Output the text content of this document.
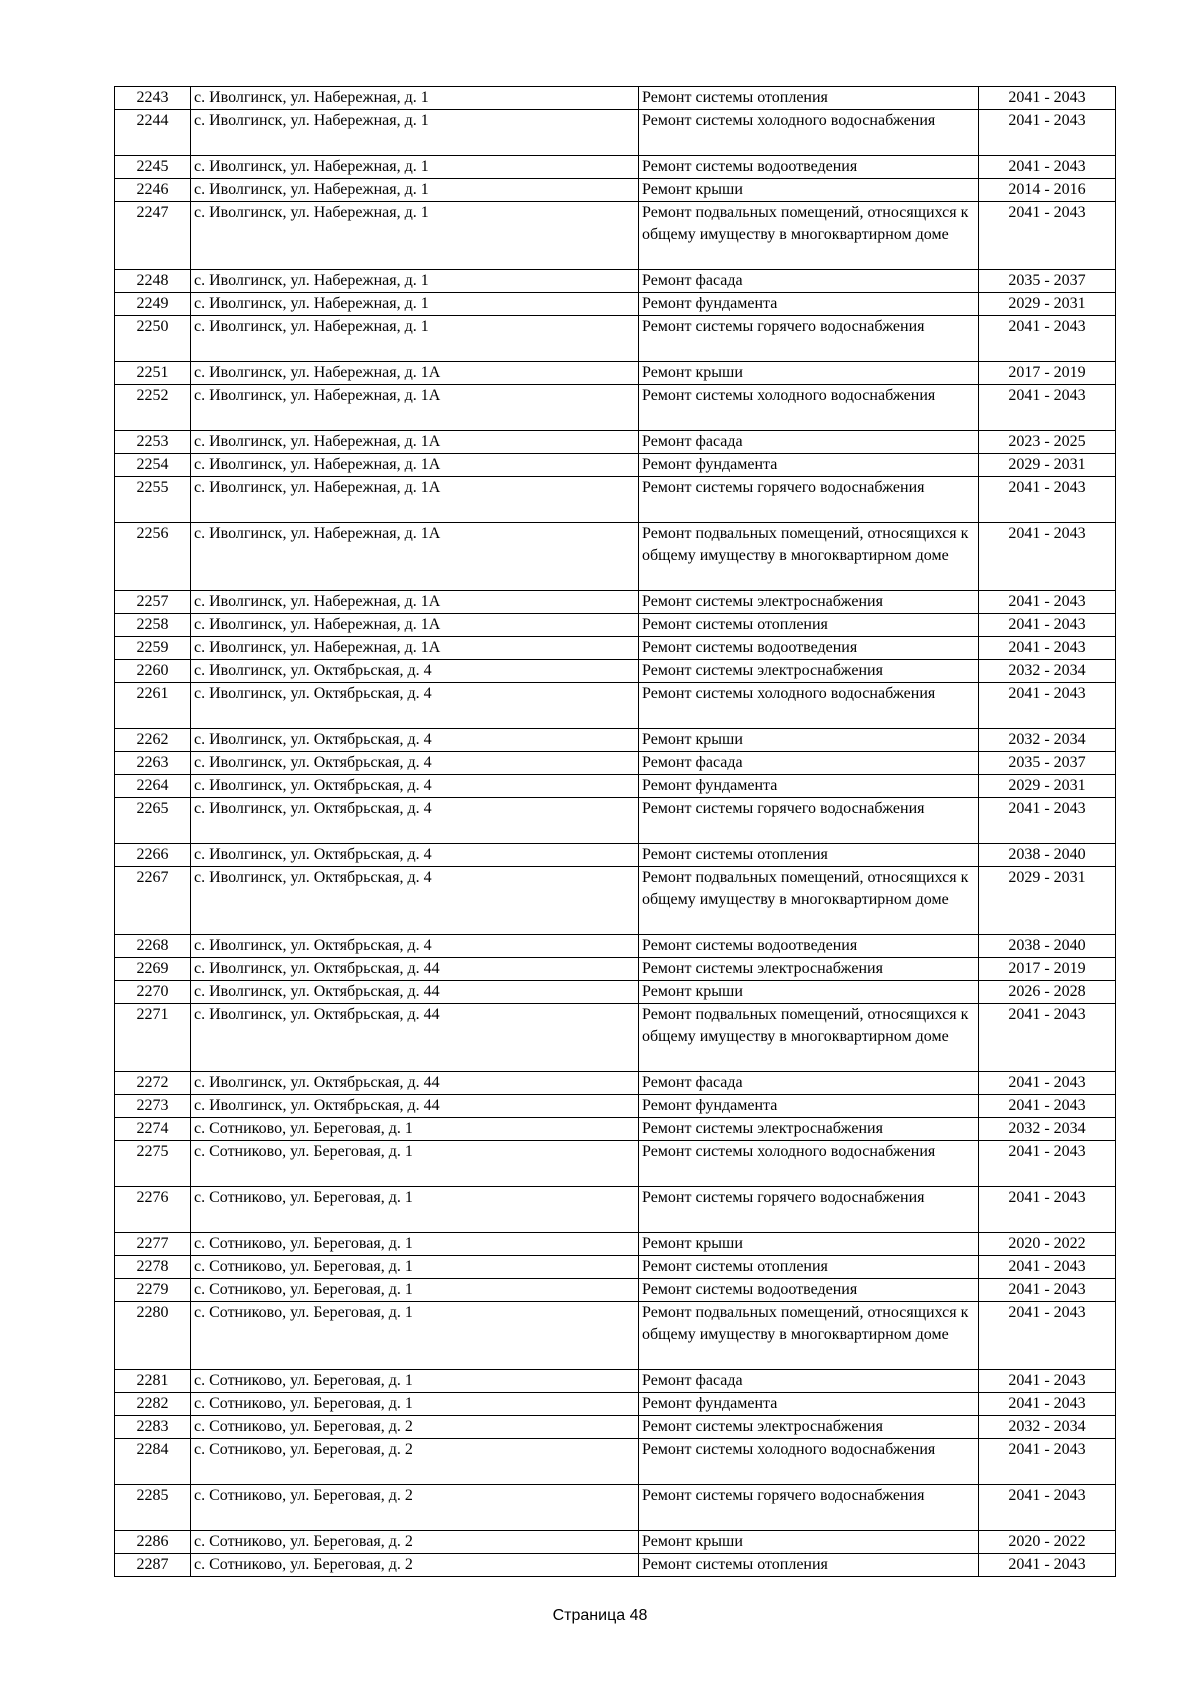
2243	с. Иволгинск, ул. Набережная, д. 1	Ремонт системы отопления	2041 - 2043
2244	с. Иволгинск, ул. Набережная, д. 1	Ремонт системы холодного водоснабжения	2041 - 2043
2245	с. Иволгинск, ул. Набережная, д. 1	Ремонт системы водоотведения	2041 - 2043
2246	с. Иволгинск, ул. Набережная, д. 1	Ремонт крыши	2014 - 2016
2247	с. Иволгинск, ул. Набережная, д. 1	Ремонт подвальных помещений, относящихся к общему имуществу в многоквартирном доме	2041 - 2043
2248	с. Иволгинск, ул. Набережная, д. 1	Ремонт фасада	2035 - 2037
2249	с. Иволгинск, ул. Набережная, д. 1	Ремонт фундамента	2029 - 2031
2250	с. Иволгинск, ул. Набережная, д. 1	Ремонт системы горячего водоснабжения	2041 - 2043
2251	с. Иволгинск, ул. Набережная, д. 1А	Ремонт крыши	2017 - 2019
2252	с. Иволгинск, ул. Набережная, д. 1А	Ремонт системы холодного водоснабжения	2041 - 2043
2253	с. Иволгинск, ул. Набережная, д. 1А	Ремонт фасада	2023 - 2025
2254	с. Иволгинск, ул. Набережная, д. 1А	Ремонт фундамента	2029 - 2031
2255	с. Иволгинск, ул. Набережная, д. 1А	Ремонт системы горячего водоснабжения	2041 - 2043
2256	с. Иволгинск, ул. Набережная, д. 1А	Ремонт подвальных помещений, относящихся к общему имуществу в многоквартирном доме	2041 - 2043
2257	с. Иволгинск, ул. Набережная, д. 1А	Ремонт системы электроснабжения	2041 - 2043
2258	с. Иволгинск, ул. Набережная, д. 1А	Ремонт системы отопления	2041 - 2043
2259	с. Иволгинск, ул. Набережная, д. 1А	Ремонт системы водоотведения	2041 - 2043
2260	с. Иволгинск, ул. Октябрьская, д. 4	Ремонт системы электроснабжения	2032 - 2034
2261	с. Иволгинск, ул. Октябрьская, д. 4	Ремонт системы холодного водоснабжения	2041 - 2043
2262	с. Иволгинск, ул. Октябрьская, д. 4	Ремонт крыши	2032 - 2034
2263	с. Иволгинск, ул. Октябрьская, д. 4	Ремонт фасада	2035 - 2037
2264	с. Иволгинск, ул. Октябрьская, д. 4	Ремонт фундамента	2029 - 2031
2265	с. Иволгинск, ул. Октябрьская, д. 4	Ремонт системы горячего водоснабжения	2041 - 2043
2266	с. Иволгинск, ул. Октябрьская, д. 4	Ремонт системы отопления	2038 - 2040
2267	с. Иволгинск, ул. Октябрьская, д. 4	Ремонт подвальных помещений, относящихся к общему имуществу в многоквартирном доме	2029 - 2031
2268	с. Иволгинск, ул. Октябрьская, д. 4	Ремонт системы водоотведения	2038 - 2040
2269	с. Иволгинск, ул. Октябрьская, д. 44	Ремонт системы электроснабжения	2017 - 2019
2270	с. Иволгинск, ул. Октябрьская, д. 44	Ремонт крыши	2026 - 2028
2271	с. Иволгинск, ул. Октябрьская, д. 44	Ремонт подвальных помещений, относящихся к общему имуществу в многоквартирном доме	2041 - 2043
2272	с. Иволгинск, ул. Октябрьская, д. 44	Ремонт фасада	2041 - 2043
2273	с. Иволгинск, ул. Октябрьская, д. 44	Ремонт фундамента	2041 - 2043
2274	с. Сотниково, ул. Береговая, д. 1	Ремонт системы электроснабжения	2032 - 2034
2275	с. Сотниково, ул. Береговая, д. 1	Ремонт системы холодного водоснабжения	2041 - 2043
2276	с. Сотниково, ул. Береговая, д. 1	Ремонт системы горячего водоснабжения	2041 - 2043
2277	с. Сотниково, ул. Береговая, д. 1	Ремонт крыши	2020 - 2022
2278	с. Сотниково, ул. Береговая, д. 1	Ремонт системы отопления	2041 - 2043
2279	с. Сотниково, ул. Береговая, д. 1	Ремонт системы водоотведения	2041 - 2043
2280	с. Сотниково, ул. Береговая, д. 1	Ремонт подвальных помещений, относящихся к общему имуществу в многоквартирном доме	2041 - 2043
2281	с. Сотниково, ул. Береговая, д. 1	Ремонт фасада	2041 - 2043
2282	с. Сотниково, ул. Береговая, д. 1	Ремонт фундамента	2041 - 2043
2283	с. Сотниково, ул. Береговая, д. 2	Ремонт системы электроснабжения	2032 - 2034
2284	с. Сотниково, ул. Береговая, д. 2	Ремонт системы холодного водоснабжения	2041 - 2043
2285	с. Сотниково, ул. Береговая, д. 2	Ремонт системы горячего водоснабжения	2041 - 2043
2286	с. Сотниково, ул. Береговая, д. 2	Ремонт крыши	2020 - 2022
2287	с. Сотниково, ул. Береговая, д. 2	Ремонт системы отопления	2041 - 2043
Страница 48
